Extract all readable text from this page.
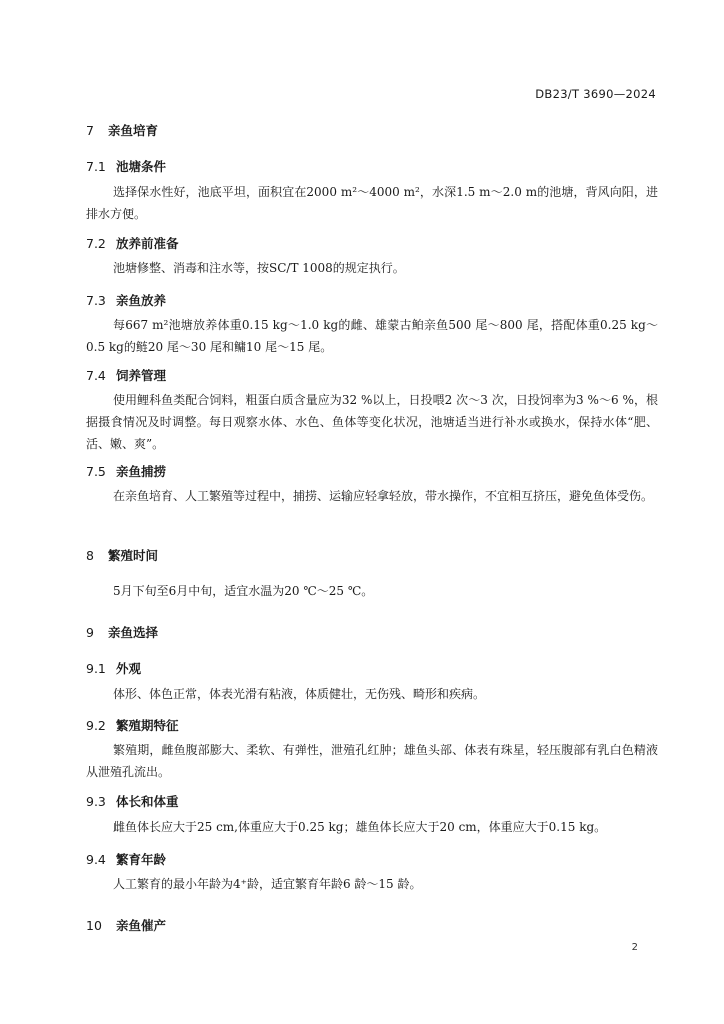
DB23/T 3690—2024
7 亲鱼培育
7.1 池塘条件

选择保水性好，池底平坦，面积宜在2000 m²～4000 m²，水深1.5 m～2.0 m的池塘，背风向阳，进排水方便。

7.2 放养前准备

池塘修整、消毒和注水等，按SC/T 1008的规定执行。

7.3 亲鱼放养

每667 m²池塘放养体重0.15 kg～1.0 kg的雌、雄蒙古鲌亲鱼500 尾～800 尾，搭配体重0.25 kg～0.5 kg的鲢20 尾～30 尾和鳙10 尾～15 尾。

7.4 饲养管理

使用鲤科鱼类配合饲料，粗蛋白质含量应为32 %以上，日投喂2 次～3 次，日投饲率为3 %～6 %，根据摄食情况及时调整。每日观察水体、水色、鱼体等变化状况，池塘适当进行补水或换水，保持水体“肥、活、嫩、爽”。

7.5 亲鱼捕捞

在亲鱼培育、人工繁殖等过程中，捕捞、运输应轻拿轻放，带水操作，不宜相互挤压，避免鱼体受伤。

8 繁殖时间

5月下旬至6月中旬，适宜水温为20 ℃～25 ℃。

9 亲鱼选择
9.1 外观

体形、体色正常，体表光滑有粘液，体质健壮，无伤残、畸形和疾病。

9.2 繁殖期特征

繁殖期，雌鱼腹部膨大、柔软、有弹性，泄殖孔红肿；雄鱼头部、体表有珠星，轻压腹部有乳白色精液从泄殖孔流出。

9.3 体长和体重

雌鱼体长应大于25 cm,体重应大于0.25 kg；雄鱼体长应大于20 cm，体重应大于0.15 kg。

9.4 繁育年龄

人工繁育的最小年龄为4⁺龄，适宜繁育年龄6 龄～15 龄。

10 亲鱼催产
2
